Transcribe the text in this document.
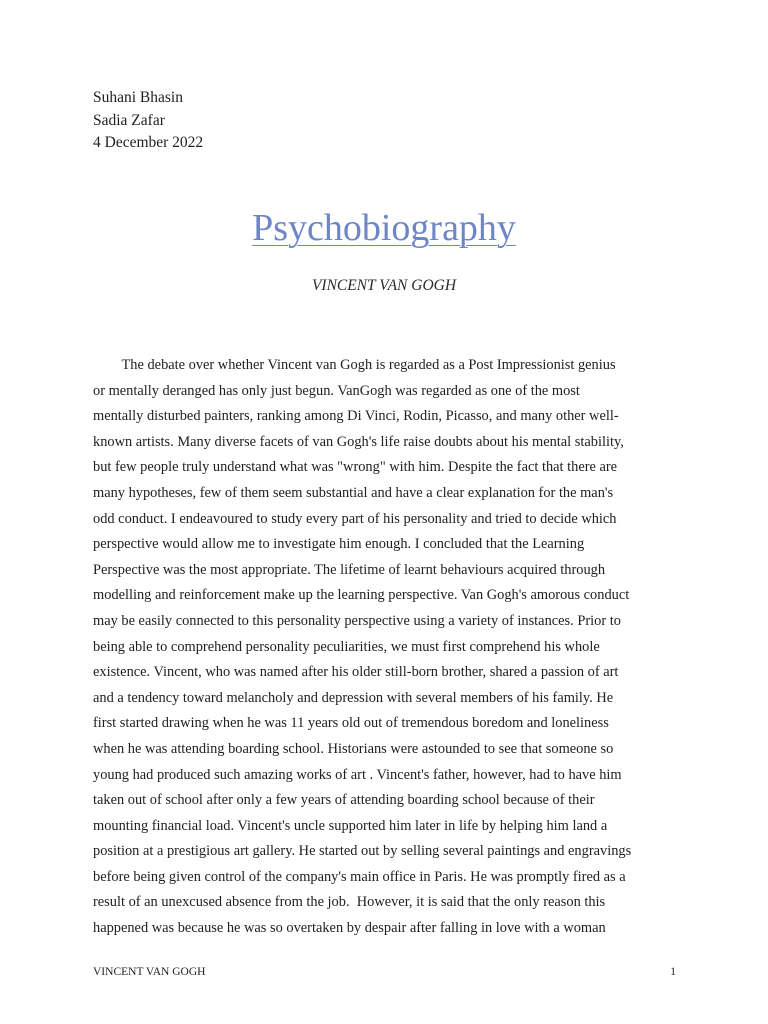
Suhani Bhasin
Sadia Zafar
4 December 2022
Psychobiography
VINCENT VAN GOGH
The debate over whether Vincent van Gogh is regarded as a Post Impressionist genius
or mentally deranged has only just begun. VanGogh was regarded as one of the most
mentally disturbed painters, ranking among Di Vinci, Rodin, Picasso, and many other well-
known artists. Many diverse facets of van Gogh's life raise doubts about his mental stability,
but few people truly understand what was "wrong" with him. Despite the fact that there are
many hypotheses, few of them seem substantial and have a clear explanation for the man's
odd conduct. I endeavoured to study every part of his personality and tried to decide which
perspective would allow me to investigate him enough. I concluded that the Learning
Perspective was the most appropriate. The lifetime of learnt behaviours acquired through
modelling and reinforcement make up the learning perspective. Van Gogh's amorous conduct
may be easily connected to this personality perspective using a variety of instances. Prior to
being able to comprehend personality peculiarities, we must first comprehend his whole
existence. Vincent, who was named after his older still-born brother, shared a passion of art
and a tendency toward melancholy and depression with several members of his family. He
first started drawing when he was 11 years old out of tremendous boredom and loneliness
when he was attending boarding school. Historians were astounded to see that someone so
young had produced such amazing works of art . Vincent's father, however, had to have him
taken out of school after only a few years of attending boarding school because of their
mounting financial load. Vincent's uncle supported him later in life by helping him land a
position at a prestigious art gallery. He started out by selling several paintings and engravings
before being given control of the company's main office in Paris. He was promptly fired as a
result of an unexcused absence from the job.  However, it is said that the only reason this
happened was because he was so overtaken by despair after falling in love with a woman
VINCENT VAN GOGH	1
